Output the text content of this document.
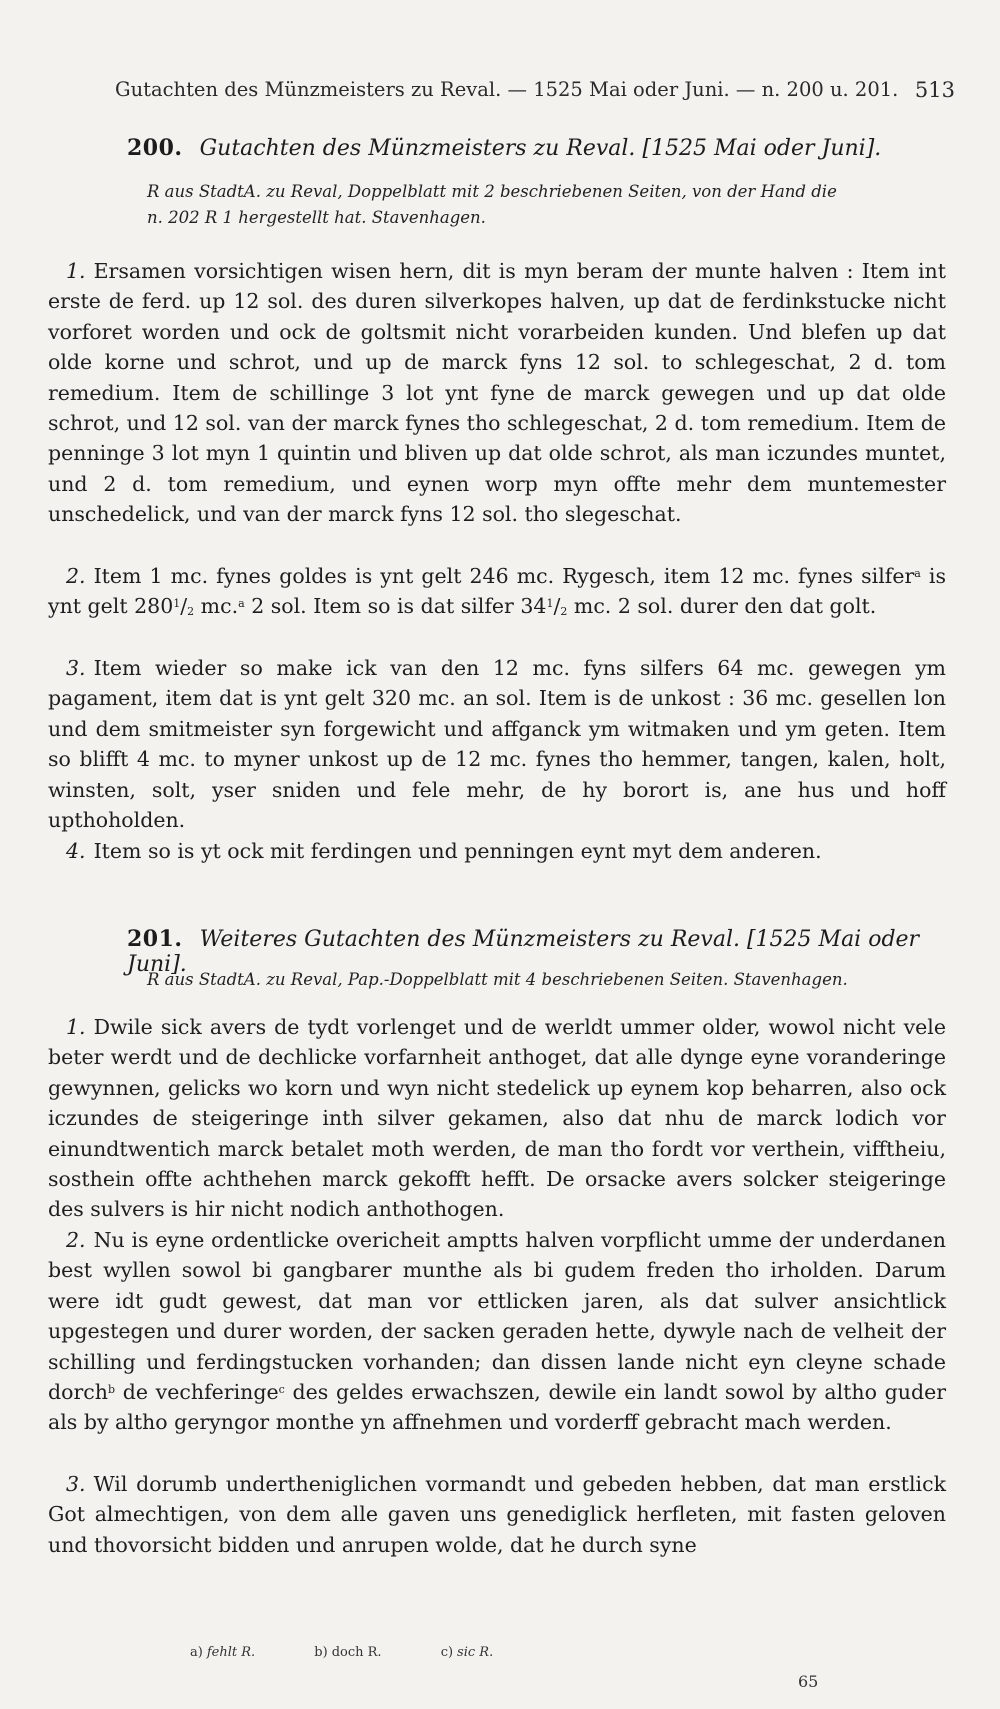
Gutachten des Münzmeisters zu Reval. — 1525 Mai oder Juni. — n. 200 u. 201. 513
200. Gutachten des Münzmeisters zu Reval. [1525 Mai oder Juni].
R aus StadtA. zu Reval, Doppelblatt mit 2 beschriebenen Seiten, von der Hand die
n. 202 R 1 hergestellt hat. Stavenhagen.
1. Ersamen vorsichtigen wisen hern, dit is myn beram der munte halven : Item int erste de ferd. up 12 sol. des duren silverkopes halven, up dat de ferdinkstucke nicht vorforet worden und ock de goltsmit nicht vorarbeiden kunden. Und blefen up dat olde korne und schrot, und up de marck fyns 12 sol. to schlegeschat, 2 d. tom remedium. Item de schillinge 3 lot ynt fyne de marck gewegen und up dat olde schrot, und 12 sol. van der marck fynes tho schlegeschat, 2 d. tom remedium. Item de penninge 3 lot myn 1 quintin und bliven up dat olde schrot, als man iczundes muntet, und 2 d. tom remedium, und eynen worp myn offte mehr dem muntemester unschedelick, und van der marck fyns 12 sol. tho slegeschat.
2. Item 1 mc. fynes goldes is ynt gelt 246 mc. Rygesch, item 12 mc. fynes silfer$^a$ is ynt gelt $280^1/_2$ mc.$^a$ 2 sol. Item so is dat silfer $34^1/_2$ mc. 2 sol. durer den dat golt.
3. Item wieder so make ick van den 12 mc. fyns silfers 64 mc. gewegen ym pagament, item dat is ynt gelt 320 mc. an sol. Item is de unkost : 36 mc. gesellen lon und dem smitmeister syn forgewicht und affganck ym witmaken und ym geten. Item so blifft 4 mc. to myner unkost up de 12 mc. fynes tho hemmer, tangen, kalen, holt, winsten, solt, yser sniden und fele mehr, de hy borort is, ane hus und hoff upthoholden.
4. Item so is yt ock mit ferdingen und penningen eynt myt dem anderen.
201. Weiteres Gutachten des Münzmeisters zu Reval. [1525 Mai oder Juni].
R aus StadtA. zu Reval, Pap.-Doppelblatt mit 4 beschriebenen Seiten. Stavenhagen.
1. Dwile sick avers de tydt vorlenget und de werldt ummer older, wowol nicht vele beter werdt und de dechlicke vorfarnheit anthoget, dat alle dynge eyne voranderinge gewynnen, gelicks wo korn und wyn nicht stedelick up eynem kop beharren, also ock iczundes de steigeringe inth silver gekamen, also dat nhu de marck lodich vor einundtwentich marck betalet moth werden, de man tho fordt vor verthein, vifftheiu, sosthein offte achthehen marck gekofft hefft. De orsacke avers solcker steigeringe des sulvers is hir nicht nodich anthothogen.
2. Nu is eyne ordentlicke overicheit amptts halven vorpflicht umme der underdanen best wyllen sowol bi gangbarer munthe als bi gudem freden tho irholden. Darum were idt gudt gewest, dat man vor ettlicken jaren, als dat sulver ansichtlick upgestegen und durer worden, der sacken geraden hette, dywyle nach de velheit der schilling und ferdingstucken vorhanden; dan dissen lande nicht eyn cleyne schade dorch$^b$ de vechferinge$^c$ des geldes erwachszen, dewile ein landt sowol by altho guder als by altho geryngor monthe yn affnehmen und vorderff gebracht mach werden.
3. Wil dorumb undertheniglichen vormandt und gebeden hebben, dat man erstlick Got almechtigen, von dem alle gaven uns genediglick herfleten, mit fasten geloven und thovorsicht bidden und anrupen wolde, dat he durch syne
a) fehlt R.	b) doch R.	c) sic R.
65
